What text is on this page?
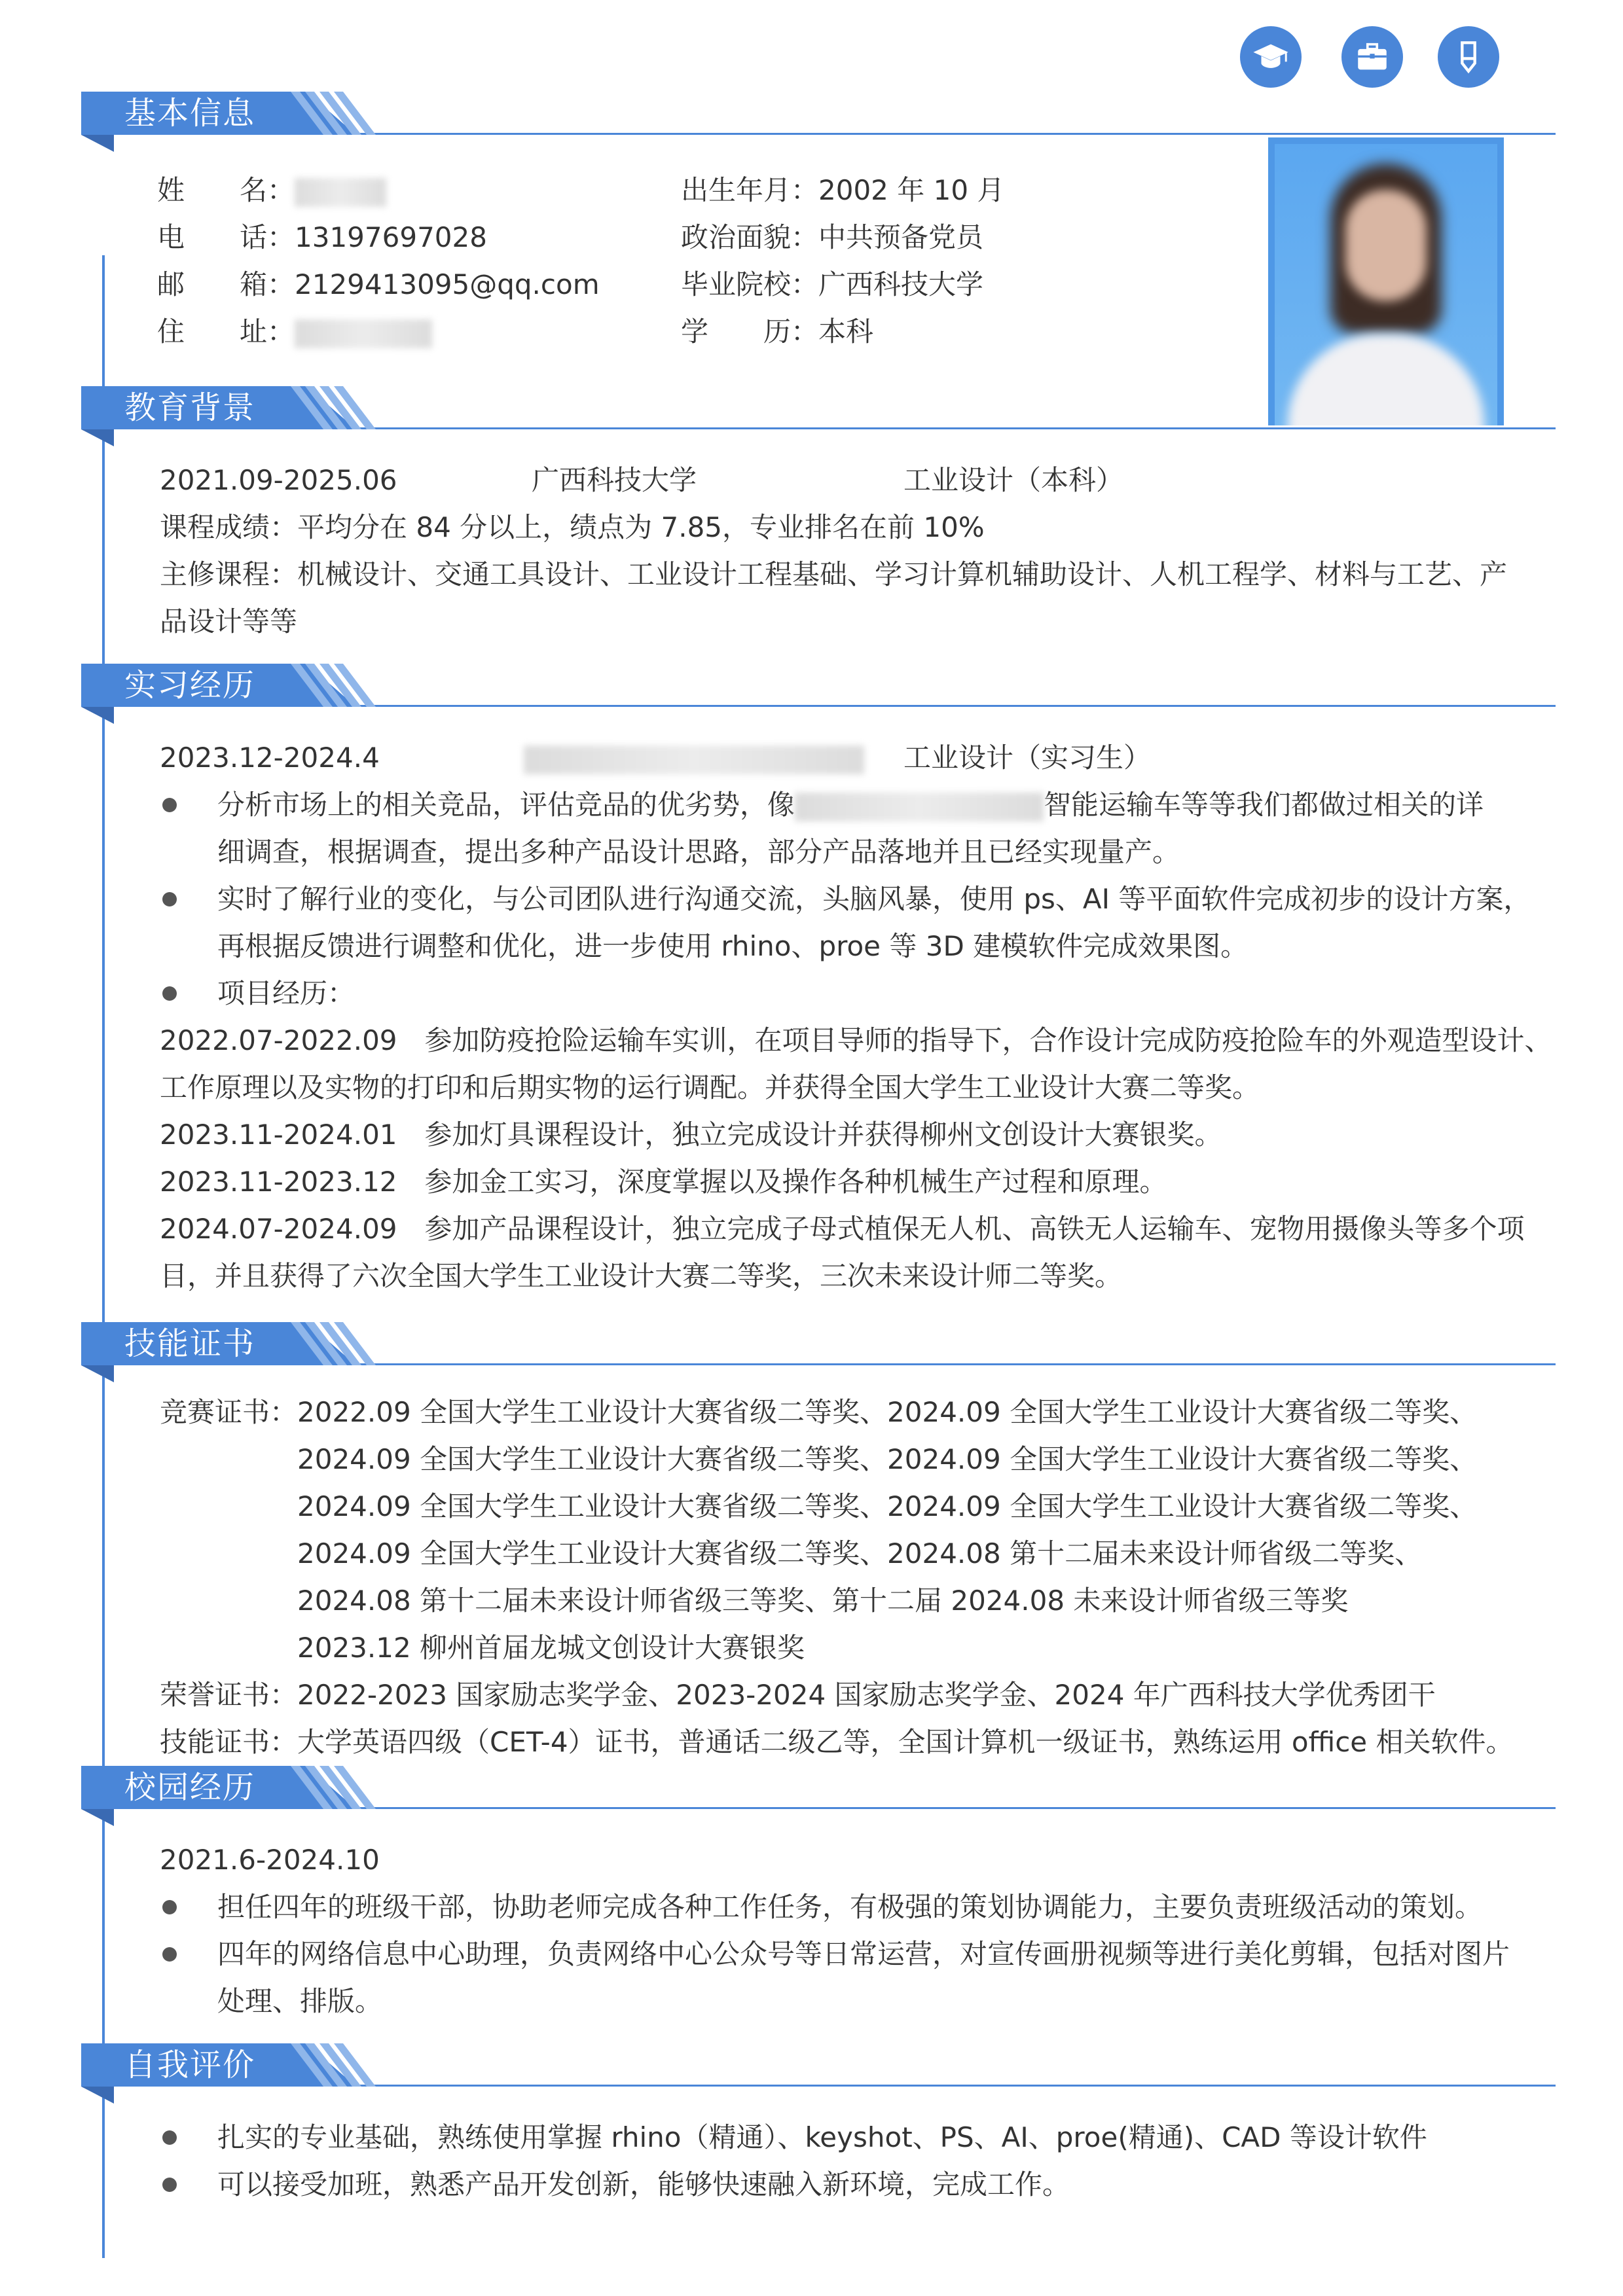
基本信息
姓　　名：
电　　话：13197697028
邮　　箱：2129413095@qq.com
住　　址：
出生年月：2002 年 10 月
政治面貌：中共预备党员
毕业院校：广西科技大学
学　　历：本科
教育背景
2021.09-2025.06	广西科技大学	工业设计（本科）
课程成绩：平均分在 84 分以上，绩点为 7.85，专业排名在前 10%
主修课程：机械设计、交通工具设计、工业设计工程基础、学习计算机辅助设计、人机工程学、材料与工艺、产
品设计等等
实习经历
2023.12-2024.4	工业设计（实习生）
分析市场上的相关竞品，评估竞品的优劣势，像	智能运输车等等我们都做过相关的详
细调查，根据调查，提出多种产品设计思路，部分产品落地并且已经实现量产。
实时了解行业的变化，与公司团队进行沟通交流，头脑风暴，使用 ps、AI 等平面软件完成初步的设计方案，
再根据反馈进行调整和优化，进一步使用 rhino、proe 等 3D 建模软件完成效果图。
项目经历：
2022.07-2022.09　参加防疫抢险运输车实训，在项目导师的指导下，合作设计完成防疫抢险车的外观造型设计、
工作原理以及实物的打印和后期实物的运行调配。并获得全国大学生工业设计大赛二等奖。
2023.11-2024.01　参加灯具课程设计，独立完成设计并获得柳州文创设计大赛银奖。
2023.11-2023.12　参加金工实习，深度掌握以及操作各种机械生产过程和原理。
2024.07-2024.09　参加产品课程设计，独立完成子母式植保无人机、高铁无人运输车、宠物用摄像头等多个项
目，并且获得了六次全国大学生工业设计大赛二等奖，三次未来设计师二等奖。
技能证书
竞赛证书： 2022.09 全国大学生工业设计大赛省级二等奖、2024.09 全国大学生工业设计大赛省级二等奖、
2024.09 全国大学生工业设计大赛省级二等奖、2024.09 全国大学生工业设计大赛省级二等奖、
2024.09 全国大学生工业设计大赛省级二等奖、2024.09 全国大学生工业设计大赛省级二等奖、
2024.09 全国大学生工业设计大赛省级二等奖、2024.08 第十二届未来设计师省级二等奖、
2024.08 第十二届未来设计师省级三等奖、第十二届 2024.08 未来设计师省级三等奖
2023.12 柳州首届龙城文创设计大赛银奖
荣誉证书：2022-2023 国家励志奖学金、2023-2024 国家励志奖学金、2024 年广西科技大学优秀团干
技能证书：大学英语四级（CET-4）证书，普通话二级乙等，全国计算机一级证书，熟练运用 office 相关软件。
校园经历
2021.6-2024.10
担任四年的班级干部，协助老师完成各种工作任务，有极强的策划协调能力，主要负责班级活动的策划。
四年的网络信息中心助理，负责网络中心公众号等日常运营，对宣传画册视频等进行美化剪辑，包括对图片
处理、排版。
自我评价
扎实的专业基础，熟练使用掌握 rhino（精通）、keyshot、PS、AI、proe(精通)、CAD 等设计软件
可以接受加班，熟悉产品开发创新，能够快速融入新环境，完成工作。
